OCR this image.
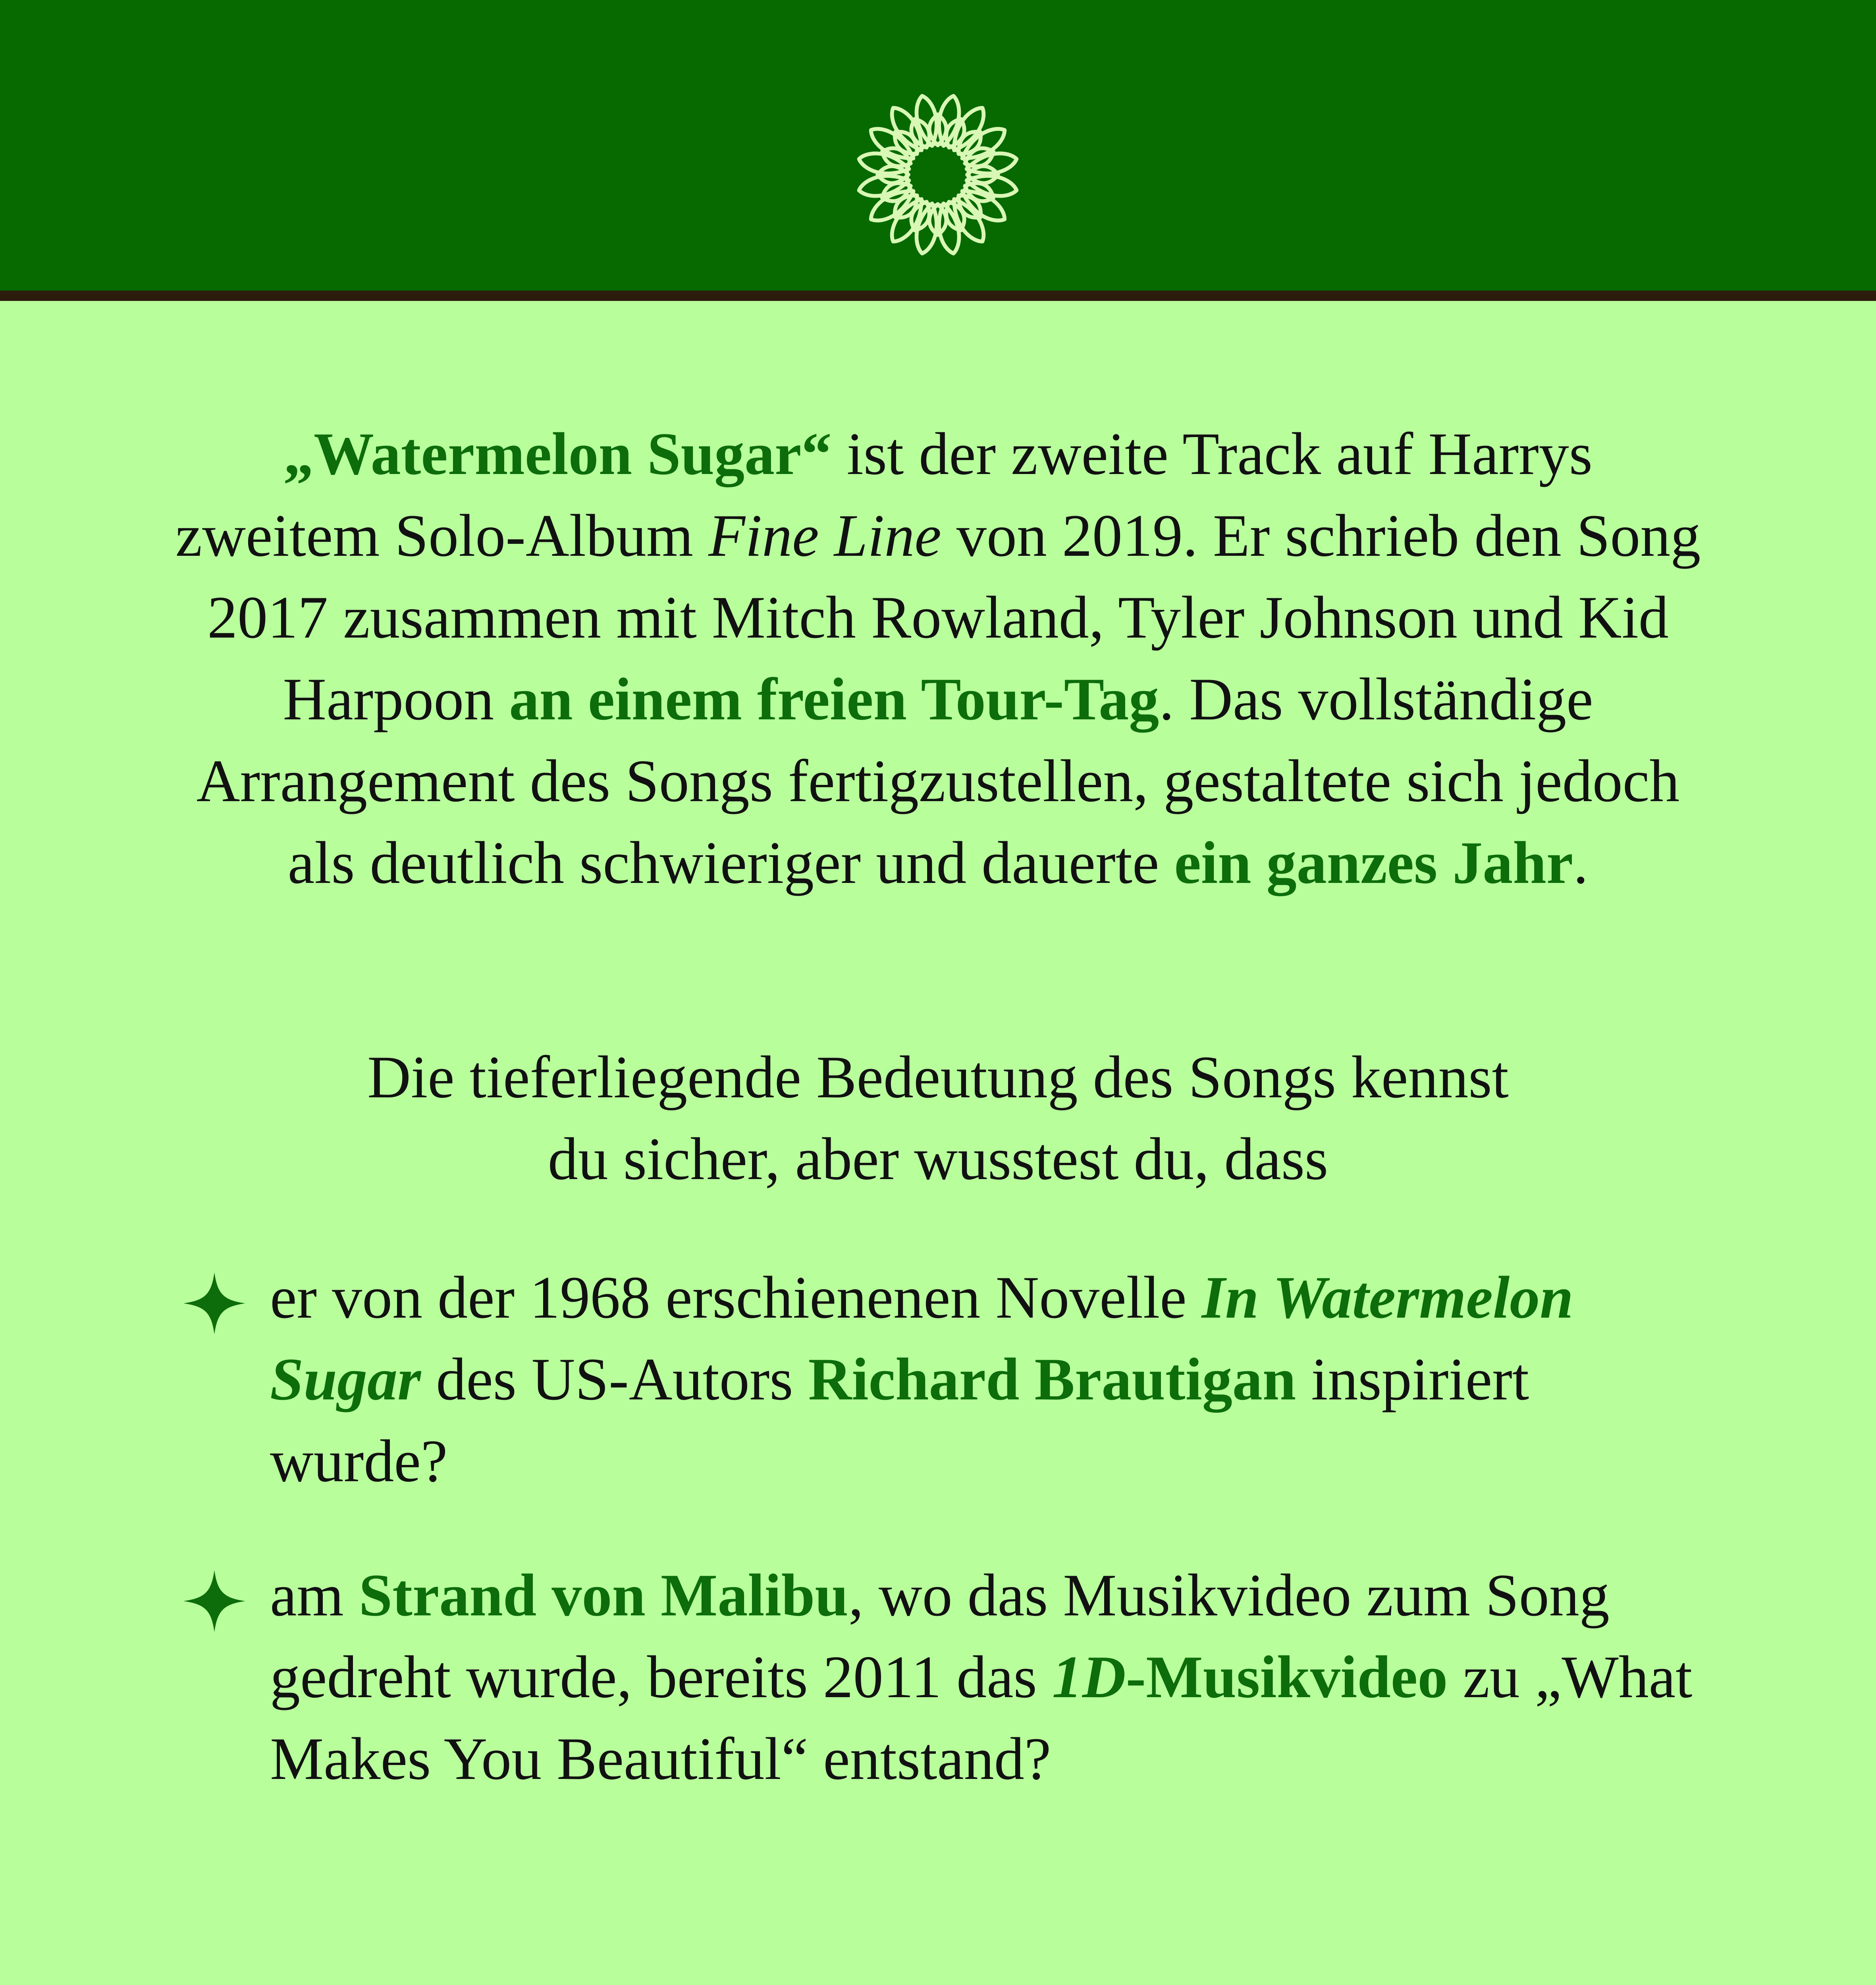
„Watermelon Sugar“ ist der zweite Track auf Harrys zweitem Solo-Album Fine Line von 2019. Er schrieb den Song 2017 zusammen mit Mitch Rowland, Tyler Johnson und Kid Harpoon an einem freien Tour-Tag. Das vollständige Arrangement des Songs fertigzustellen, gestaltete sich jedoch als deutlich schwieriger und dauerte ein ganzes Jahr.

Die tieferliegende Bedeutung des Songs kennst
du sicher, aber wusstest du, dass

er von der 1968 erschienenen Novelle In Watermelon Sugar des US-Autors Richard Brautigan inspiriert wurde?

am Strand von Malibu, wo das Musikvideo zum Song gedreht wurde, bereits 2011 das 1D-Musikvideo zu „What Makes You Beautiful“ entstand?
